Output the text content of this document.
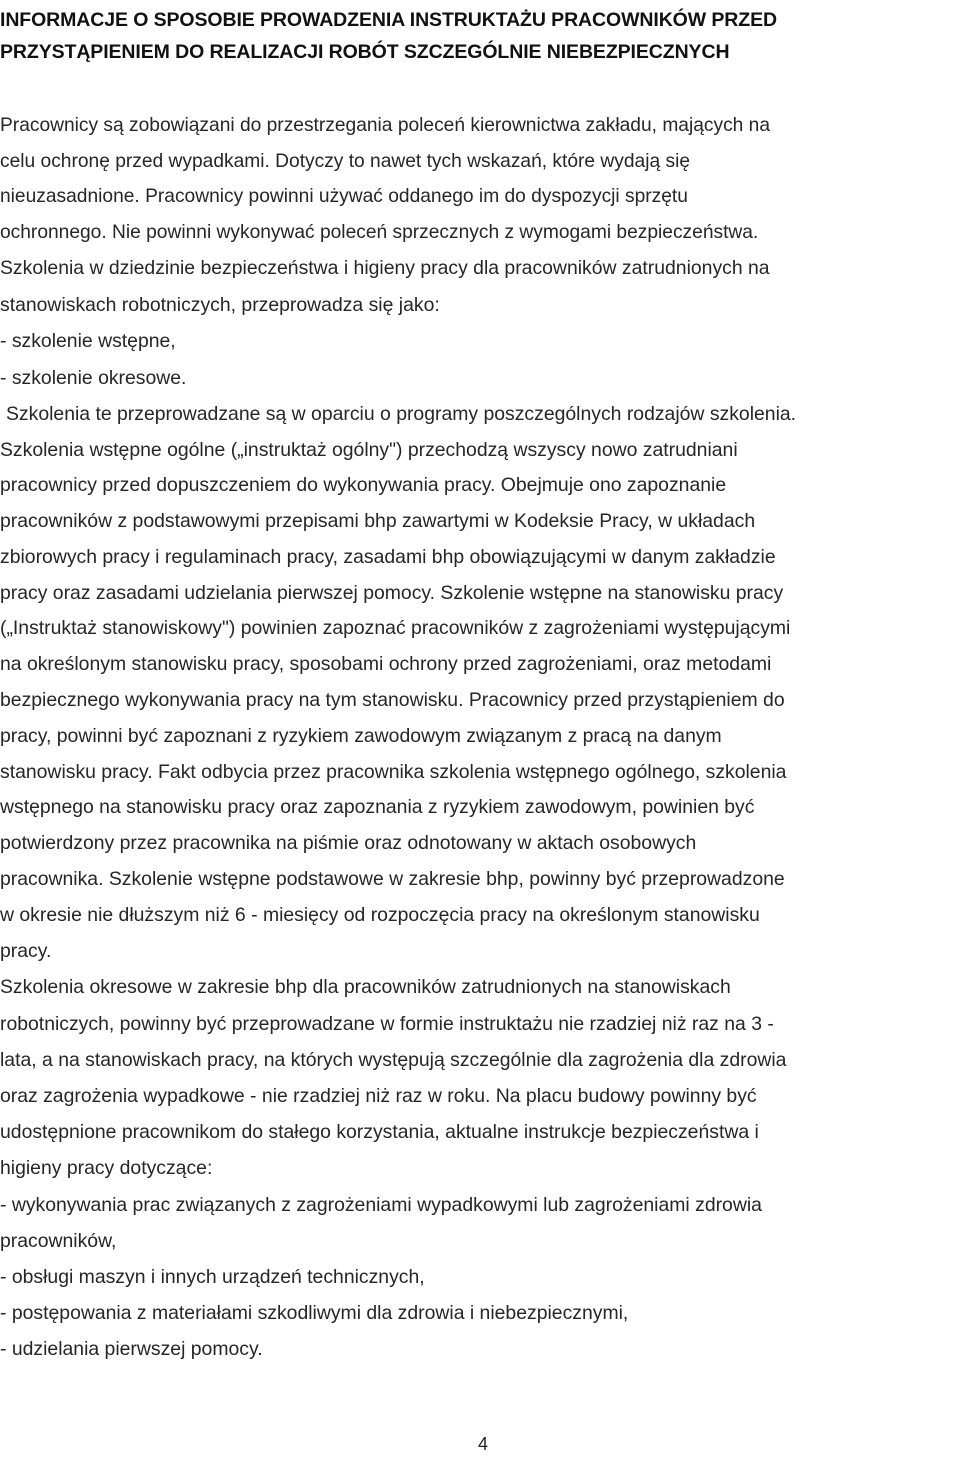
INFORMACJE O SPOSOBIE PROWADZENIA INSTRUKTAŻU PRACOWNIKÓW PRZED
PRZYSTĄPIENIEM DO REALIZACJI ROBÓT SZCZEGÓLNIE NIEBEZPIECZNYCH
Pracownicy są zobowiązani do przestrzegania poleceń kierownictwa zakładu, mających na
celu ochronę przed wypadkami. Dotyczy to nawet tych wskazań, które wydają się
nieuzasadnione. Pracownicy powinni używać oddanego im do dyspozycji sprzętu
ochronnego. Nie powinni wykonywać poleceń sprzecznych z wymogami bezpieczeństwa.
Szkolenia w dziedzinie bezpieczeństwa i higieny pracy dla pracowników zatrudnionych na
stanowiskach robotniczych, przeprowadza się jako:
- szkolenie wstępne,
- szkolenie okresowe.
Szkolenia te przeprowadzane są w oparciu o programy poszczególnych rodzajów szkolenia.
Szkolenia wstępne ogólne („instruktaż ogólny") przechodzą wszyscy nowo zatrudniani
pracownicy przed dopuszczeniem do wykonywania pracy. Obejmuje ono zapoznanie
pracowników z podstawowymi przepisami bhp zawartymi w Kodeksie Pracy, w układach
zbiorowych pracy i regulaminach pracy, zasadami bhp obowiązującymi w danym zakładzie
pracy oraz zasadami udzielania pierwszej pomocy. Szkolenie wstępne na stanowisku pracy
(„Instruktaż stanowiskowy") powinien zapoznać pracowników z zagrożeniami występującymi
na określonym stanowisku pracy, sposobami ochrony przed zagrożeniami, oraz metodami
bezpiecznego wykonywania pracy na tym stanowisku. Pracownicy przed przystąpieniem do
pracy, powinni być zapoznani z ryzykiem zawodowym związanym z pracą na danym
stanowisku pracy. Fakt odbycia przez pracownika szkolenia wstępnego ogólnego, szkolenia
wstępnego na stanowisku pracy oraz zapoznania z ryzykiem zawodowym, powinien być
potwierdzony przez pracownika na piśmie oraz odnotowany w aktach osobowych
pracownika. Szkolenie wstępne podstawowe w zakresie bhp, powinny być przeprowadzone
w okresie nie dłuższym niż 6 - miesięcy od rozpoczęcia pracy na określonym stanowisku
pracy.
Szkolenia okresowe w zakresie bhp dla pracowników zatrudnionych na stanowiskach
robotniczych, powinny być przeprowadzane w formie instruktażu nie rzadziej niż raz na 3 -
lata, a na stanowiskach pracy, na których występują szczególnie dla zagrożenia dla zdrowia
oraz zagrożenia wypadkowe - nie rzadziej niż raz w roku. Na placu budowy powinny być
udostępnione pracownikom do stałego korzystania, aktualne instrukcje bezpieczeństwa i
higieny pracy dotyczące:
- wykonywania prac związanych z zagrożeniami wypadkowymi lub zagrożeniami zdrowia
pracowników,
- obsługi maszyn i innych urządzeń technicznych,
- postępowania z materiałami szkodliwymi dla zdrowia i niebezpiecznymi,
- udzielania pierwszej pomocy.
4
